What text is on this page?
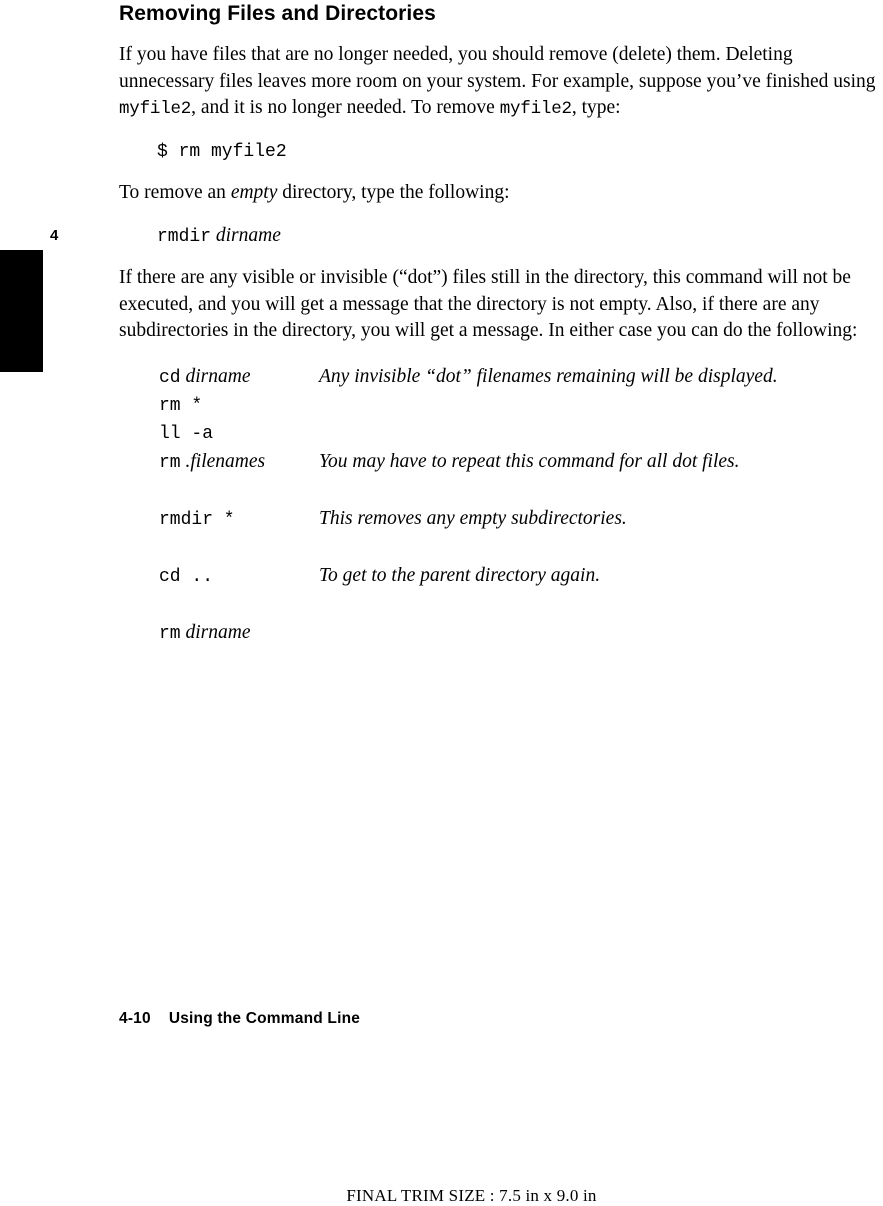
4
Removing Files and Directories

If you have files that are no longer needed, you should remove (delete) them. Deleting unnecessary files leaves more room on your system. For example, suppose you’ve finished using myfile2, and it is no longer needed. To remove myfile2, type:

$ rm myfile2

To remove an empty directory, type the following:

rmdir dirname

If there are any visible or invisible (“dot”) files still in the directory, this command will not be executed, and you will get a message that the directory is not empty. Also, if there are any subdirectories in the directory, you will get a message. In either case you can do the following:

cd dirname	Any invisible “dot” filenames remaining will be displayed.
rm *	
ll -a	
rm .filenames	You may have to repeat this command for all dot files.

rmdir *	This removes any empty subdirectories.

cd ..	To get to the parent directory again.

rm dirname	
4-10 Using the Command Line
FINAL TRIM SIZE : 7.5 in x 9.0 in
